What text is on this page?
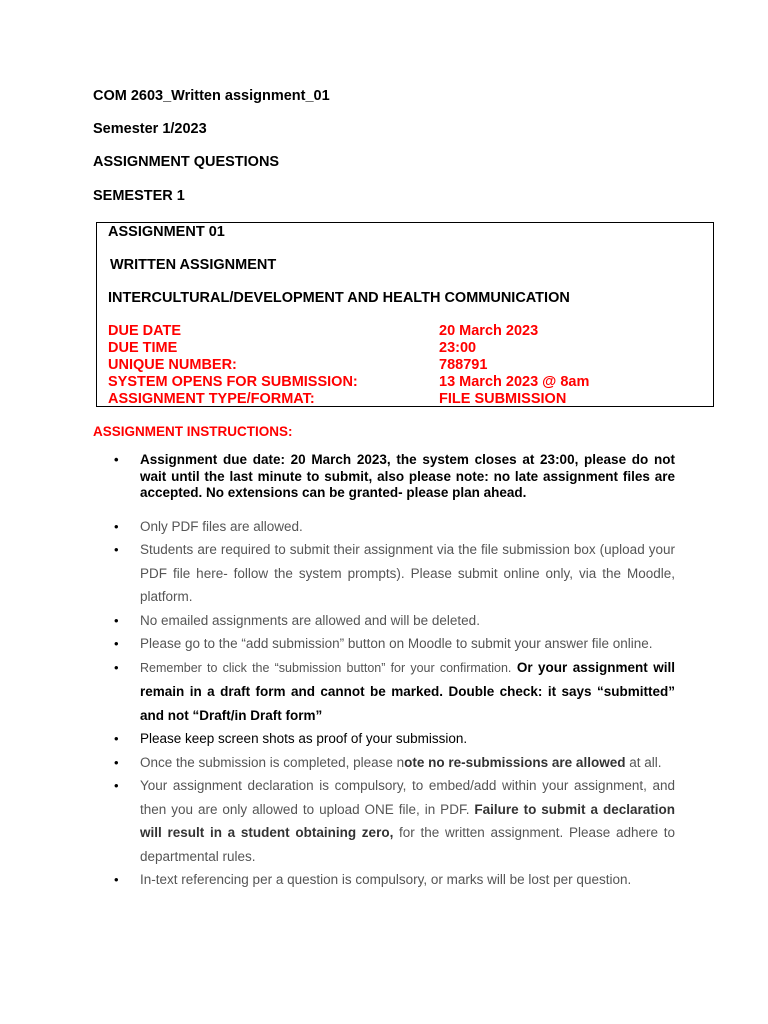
COM 2603_Written assignment_01
Semester 1/2023
ASSIGNMENT QUESTIONS
SEMESTER 1
ASSIGNMENT 01
WRITTEN ASSIGNMENT
INTERCULTURAL/DEVELOPMENT AND HEALTH COMMUNICATION
DUE DATE	20 March 2023
DUE TIME	23:00
UNIQUE NUMBER:	788791
SYSTEM OPENS FOR SUBMISSION:	13 March 2023 @ 8am
ASSIGNMENT TYPE/FORMAT:	FILE SUBMISSION
ASSIGNMENT INSTRUCTIONS:
• Assignment due date: 20 March 2023, the system closes at 23:00, please do not wait until the last minute to submit, also please note: no late assignment files are accepted. No extensions can be granted- please plan ahead.
• Only PDF files are allowed.
• Students are required to submit their assignment via the file submission box (upload your PDF file here- follow the system prompts). Please submit online only, via the Moodle, platform.
• No emailed assignments are allowed and will be deleted.
• Please go to the “add submission” button on Moodle to submit your answer file online.
• Remember to click the “submission button” for your confirmation. Or your assignment will remain in a draft form and cannot be marked. Double check: it says “submitted” and not “Draft/in Draft form”
• Please keep screen shots as proof of your submission.
• Once the submission is completed, please note no re-submissions are allowed at all.
• Your assignment declaration is compulsory, to embed/add within your assignment, and then you are only allowed to upload ONE file, in PDF. Failure to submit a declaration will result in a student obtaining zero, for the written assignment. Please adhere to departmental rules.
• In-text referencing per a question is compulsory, or marks will be lost per question.
